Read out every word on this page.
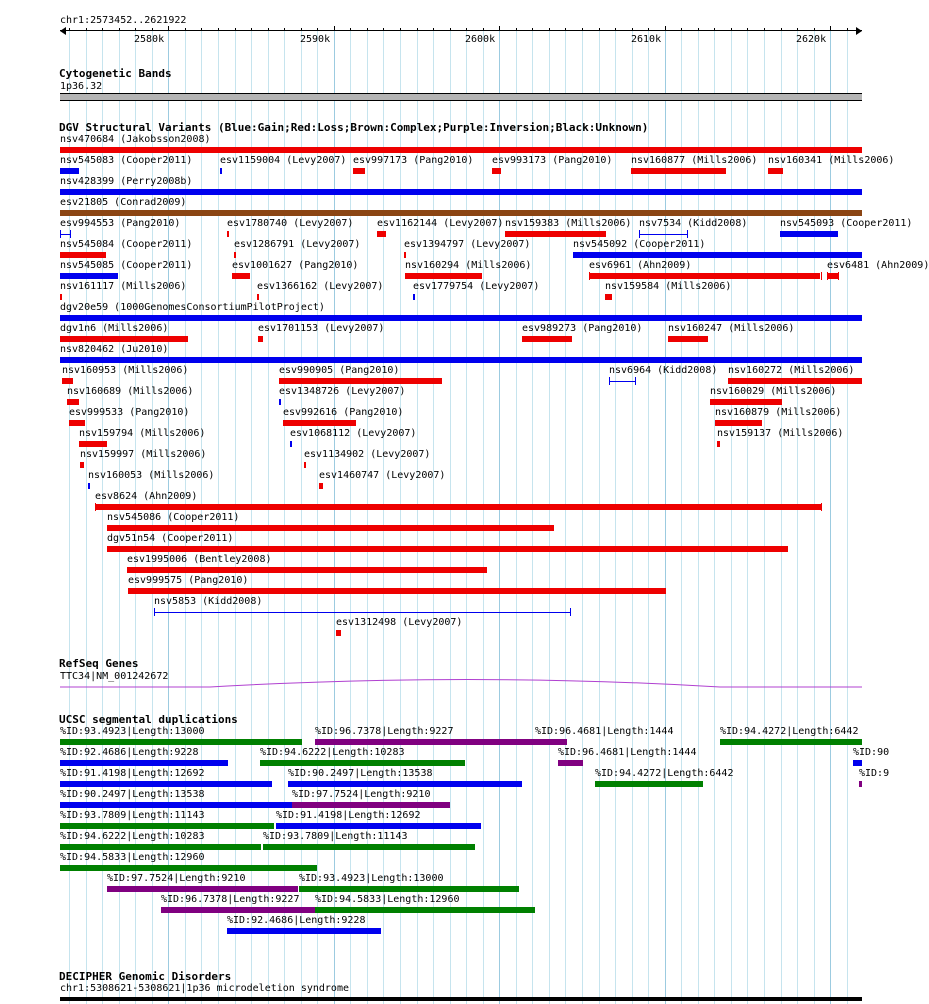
chr1:2573452..2621922
2580k	2590k	2600k	2610k	2620k
Cytogenetic Bands
1p36.32
DGV Structural Variants (Blue:Gain;Red:Loss;Brown:Complex;Purple:Inversion;Black:Unknown)
nsv470684 (Jakobsson2008)
nsv545083 (Cooper2011)	esv1159004 (Levy2007) esv997173 (Pang2010) esv993173 (Pang2010) nsv160877 (Mills2006) nsv160341 (Mills2006)
nsv428399 (Perry2008b)
esv21805 (Conrad2009)
esv994553 (Pang2010)	esv1780740 (Levy2007) esv1162144 (Levy2007) nsv159383 (Mills2006) nsv7534 (Kidd2008)	nsv545093 (Cooper2011)
nsv545084 (Cooper2011)	esv1286791 (Levy2007)	esv1394797 (Levy2007)	nsv545092 (Cooper2011)
nsv545085 (Cooper2011)	esv1001627 (Pang2010)	nsv160294 (Mills2006)	esv6961 (Ahn2009)	esv6481 (Ahn2009)
nsv161117 (Mills2006)	esv1366162 (Levy2007)	esv1779754 (Levy2007)	nsv159584 (Mills2006)
dgv20e59 (1000GenomesConsortiumPilotProject)
dgv1n6 (Mills2006)	esv1701153 (Levy2007)	esv989273 (Pang2010)	nsv160247 (Mills2006)
nsv820462 (Ju2010)
nsv160953 (Mills2006)	esv990905 (Pang2010)	nsv6964 (Kidd2008) nsv160272 (Mills2006)
nsv160689 (Mills2006)	esv1348726 (Levy2007)	nsv160029 (Mills2006)
esv999533 (Pang2010)	esv992616 (Pang2010)	nsv160879 (Mills2006)
nsv159794 (Mills2006)	esv1068112 (Levy2007)	nsv159137 (Mills2006)
nsv159997 (Mills2006)	esv1134902 (Levy2007)
nsv160053 (Mills2006)	esv1460747 (Levy2007)
esv8624 (Ahn2009)
nsv545086 (Cooper2011)
dgv51n54 (Cooper2011)
esv1995006 (Bentley2008)
esv999575 (Pang2010)
nsv5853 (Kidd2008)
esv1312498 (Levy2007)
RefSeq Genes
TTC34|NM_001242672
UCSC segmental duplications
%ID:93.4923|Length:13000	%ID:96.7378|Length:9227	%ID:96.4681|Length:1444	%ID:94.4272|Length:6442
%ID:92.4686|Length:9228	%ID:94.6222|Length:10283	%ID:96.4681|Length:1444	%ID:90
%ID:91.4198|Length:12692	%ID:90.2497|Length:13538	%ID:94.4272|Length:6442	%ID:9
%ID:90.2497|Length:13538	%ID:97.7524|Length:9210
%ID:93.7809|Length:11143	%ID:91.4198|Length:12692
%ID:94.6222|Length:10283	%ID:93.7809|Length:11143
%ID:94.5833|Length:12960
%ID:97.7524|Length:9210	%ID:93.4923|Length:13000
%ID:96.7378|Length:9227 %ID:94.5833|Length:12960
%ID:92.4686|Length:9228
DECIPHER Genomic Disorders
chr1:5308621-5308621|1p36 microdeletion syndrome
